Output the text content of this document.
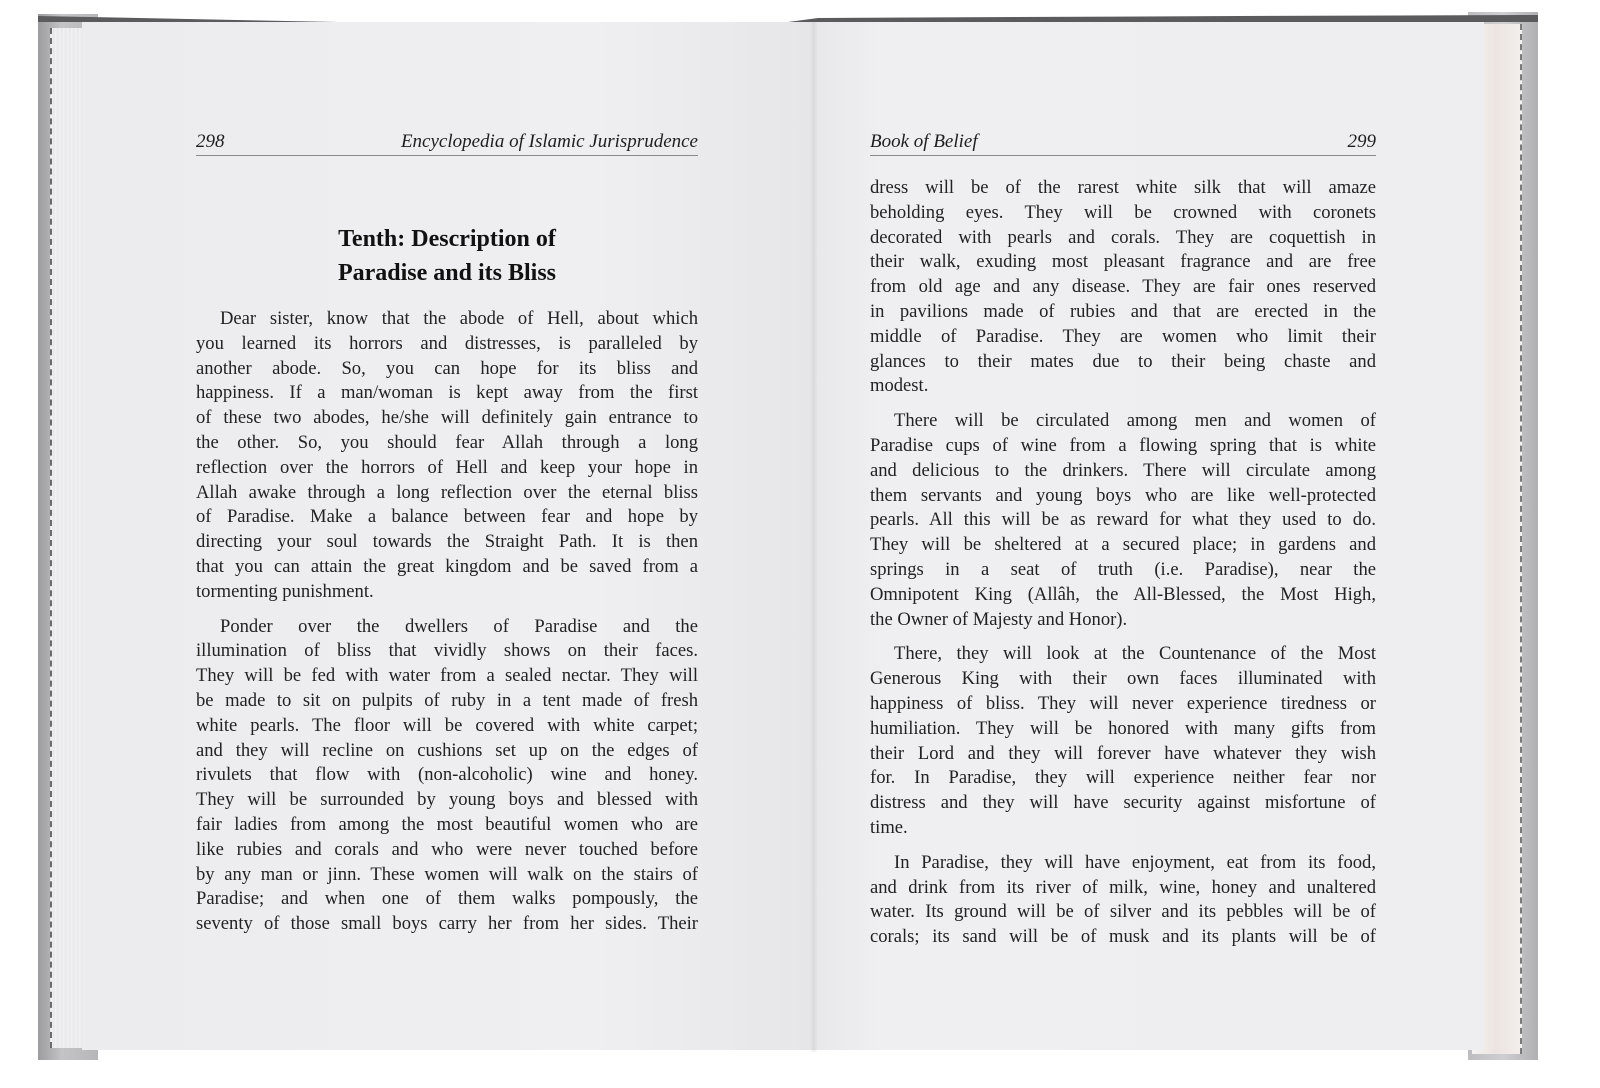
298	Encyclopedia of Islamic Jurisprudence
Tenth: Description of
Paradise and its Bliss
Dear sister, know that the abode of Hell, about which
you learned its horrors and distresses, is paralleled by
another abode. So, you can hope for its bliss and
happiness. If a man/woman is kept away from the first
of these two abodes, he/she will definitely gain entrance to
the other. So, you should fear Allah through a long
reflection over the horrors of Hell and keep your hope in
Allah awake through a long reflection over the eternal bliss
of Paradise. Make a balance between fear and hope by
directing your soul towards the Straight Path. It is then
that you can attain the great kingdom and be saved from a
tormenting punishment.
Ponder over the dwellers of Paradise and the
illumination of bliss that vividly shows on their faces.
They will be fed with water from a sealed nectar. They will
be made to sit on pulpits of ruby in a tent made of fresh
white pearls. The floor will be covered with white carpet;
and they will recline on cushions set up on the edges of
rivulets that flow with (non-alcoholic) wine and honey.
They will be surrounded by young boys and blessed with
fair ladies from among the most beautiful women who are
like rubies and corals and who were never touched before
by any man or jinn. These women will walk on the stairs of
Paradise; and when one of them walks pompously, the
seventy of those small boys carry her from her sides. Their
Book of Belief	299
dress will be of the rarest white silk that will amaze
beholding eyes. They will be crowned with coronets
decorated with pearls and corals. They are coquettish in
their walk, exuding most pleasant fragrance and are free
from old age and any disease. They are fair ones reserved
in pavilions made of rubies and that are erected in the
middle of Paradise. They are women who limit their
glances to their mates due to their being chaste and
modest.
There will be circulated among men and women of
Paradise cups of wine from a flowing spring that is white
and delicious to the drinkers. There will circulate among
them servants and young boys who are like well-protected
pearls. All this will be as reward for what they used to do.
They will be sheltered at a secured place; in gardens and
springs in a seat of truth (i.e. Paradise), near the
Omnipotent King (Allâh, the All-Blessed, the Most High,
the Owner of Majesty and Honor).
There, they will look at the Countenance of the Most
Generous King with their own faces illuminated with
happiness of bliss. They will never experience tiredness or
humiliation. They will be honored with many gifts from
their Lord and they will forever have whatever they wish
for. In Paradise, they will experience neither fear nor
distress and they will have security against misfortune of
time.
In Paradise, they will have enjoyment, eat from its food,
and drink from its river of milk, wine, honey and unaltered
water. Its ground will be of silver and its pebbles will be of
corals; its sand will be of musk and its plants will be of
